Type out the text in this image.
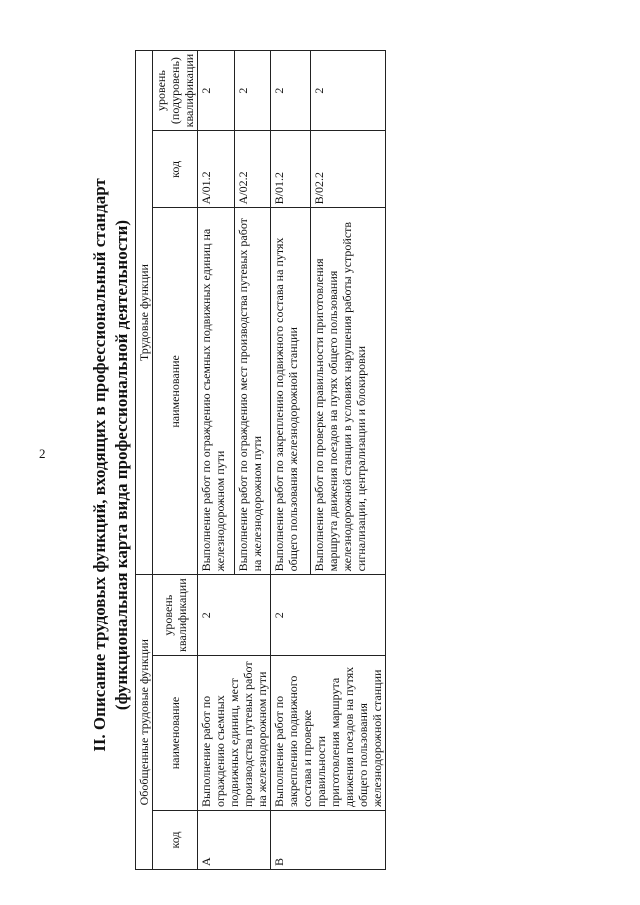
2	II. Описание трудовых функций, входящих в профессиональный стандарт (функциональная карта вида профессиональной деятельности)
Обобщенные трудовые функции			Трудовые функции		
код	наименование	уровень квалификации	наименование	код	уровень (подуровень) квалификации
A	Выполнение работ по ограждению съемных подвижных единиц, мест производства путевых работ на железнодорожном пути	2	Выполнение работ по ограждению съемных подвижных единиц на железнодорожном пути	A/01.2	2
			Выполнение работ по ограждению мест производства путевых работ на железнодорожном пути	A/02.2	2
B	Выполнение работ по закреплению подвижного состава и проверке правильности приготовления маршрута движения поездов на путях общего пользования железнодорожной станции	2	Выполнение работ по закреплению подвижного состава на путях общего пользования железнодорожной станции	B/01.2	2
			Выполнение работ по проверке правильности приготовления маршрута движения поездов на путях общего пользования железнодорожной станции в условиях нарушения работы устройств сигнализации, централизации и блокировки	B/02.2	2
